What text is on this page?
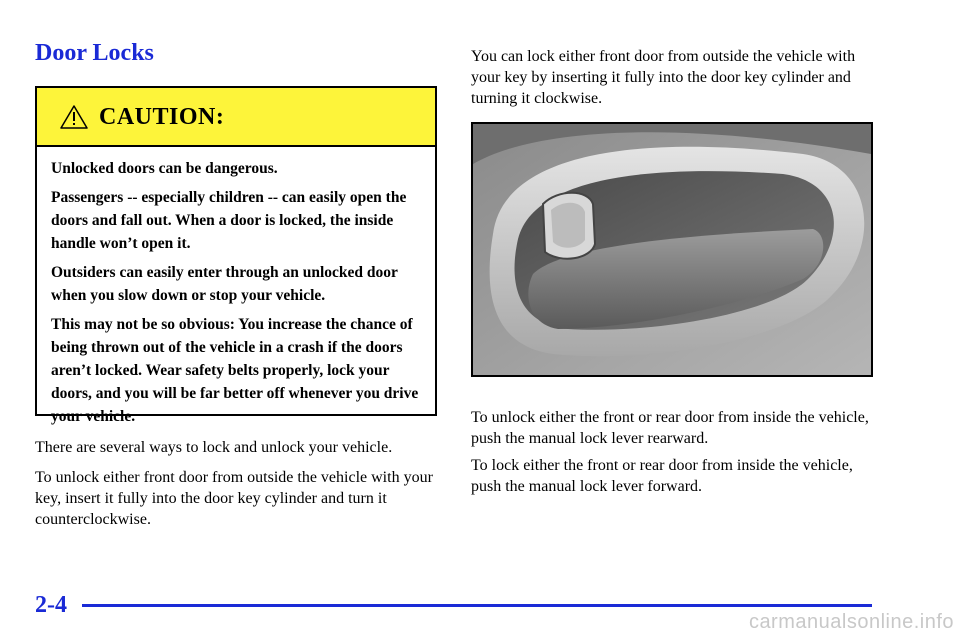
Door Locks
CAUTION:

Unlocked doors can be dangerous.

Passengers -- especially children -- can easily open the doors and fall out. When a door is locked, the inside handle won’t open it.

Outsiders can easily enter through an unlocked door when you slow down or stop your vehicle.

This may not be so obvious: You increase the chance of being thrown out of the vehicle in a crash if the doors aren’t locked. Wear safety belts properly, lock your doors, and you will be far better off whenever you drive your vehicle.

There are several ways to lock and unlock your vehicle.

To unlock either front door from outside the vehicle with your key, insert it fully into the door key cylinder and turn it counterclockwise.

You can lock either front door from outside the vehicle with your key by inserting it fully into the door key cylinder and turning it clockwise.

To unlock either the front or rear door from inside the vehicle, push the manual lock lever rearward.

To lock either the front or rear door from inside the vehicle, push the manual lock lever forward.

2-4
carmanualsonline.info
